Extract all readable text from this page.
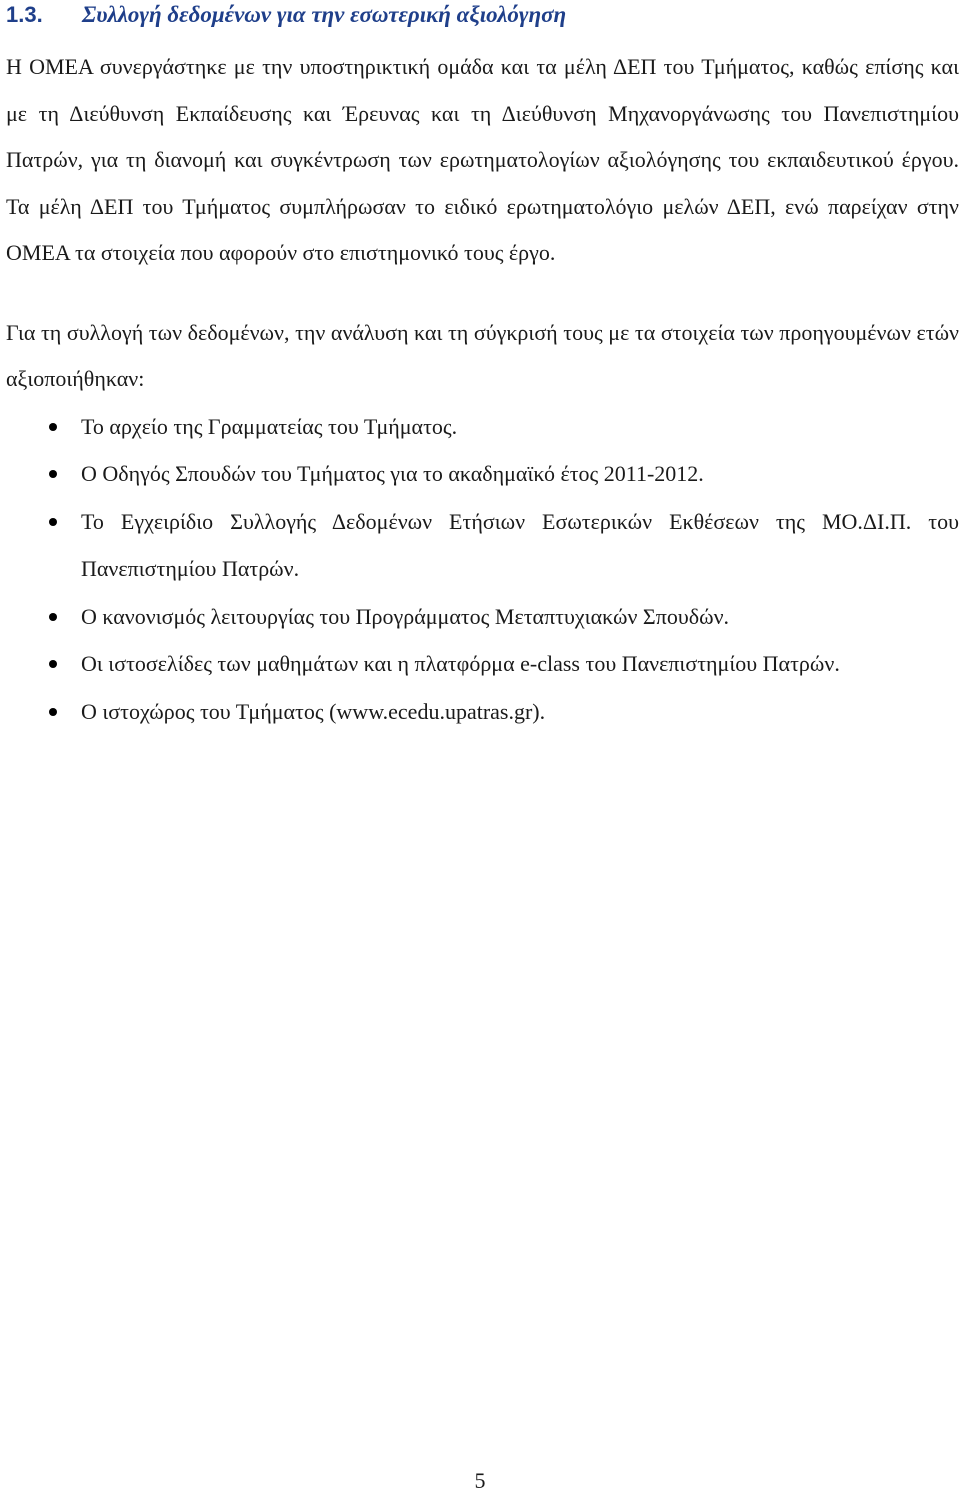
1.3. Συλλογή δεδομένων για την εσωτερική αξιολόγηση

Η ΟΜΕΑ συνεργάστηκε με την υποστηρικτική ομάδα και τα μέλη ΔΕΠ του Τμήματος, καθώς επίσης και με τη Διεύθυνση Εκπαίδευσης και Έρευνας και τη Διεύθυνση Μηχανοργάνωσης του Πανεπιστημίου Πατρών, για τη διανομή και συγκέντρωση των ερωτηματολογίων αξιολόγησης του εκπαιδευτικού έργου. Τα μέλη ΔΕΠ του Τμήματος συμπλήρωσαν το ειδικό ερωτηματολόγιο μελών ΔΕΠ, ενώ παρείχαν στην ΟΜΕΑ τα στοιχεία που αφορούν στο επιστημονικό τους έργο.

Για τη συλλογή των δεδομένων, την ανάλυση και τη σύγκρισή τους με τα στοιχεία των προηγουμένων ετών αξιοποιήθηκαν:

Το αρχείο της Γραμματείας του Τμήματος.
Ο Οδηγός Σπουδών του Τμήματος για το ακαδημαϊκό έτος 2011-2012.
Το Εγχειρίδιο Συλλογής Δεδομένων Ετήσιων Εσωτερικών Εκθέσεων της ΜΟ.ΔΙ.Π. του Πανεπιστημίου Πατρών.
Ο κανονισμός λειτουργίας του Προγράμματος Μεταπτυχιακών Σπουδών.
Οι ιστοσελίδες των μαθημάτων και η πλατφόρμα e-class του Πανεπιστημίου Πατρών.
Ο ιστοχώρος του Τμήματος (www.ecedu.upatras.gr).
5
